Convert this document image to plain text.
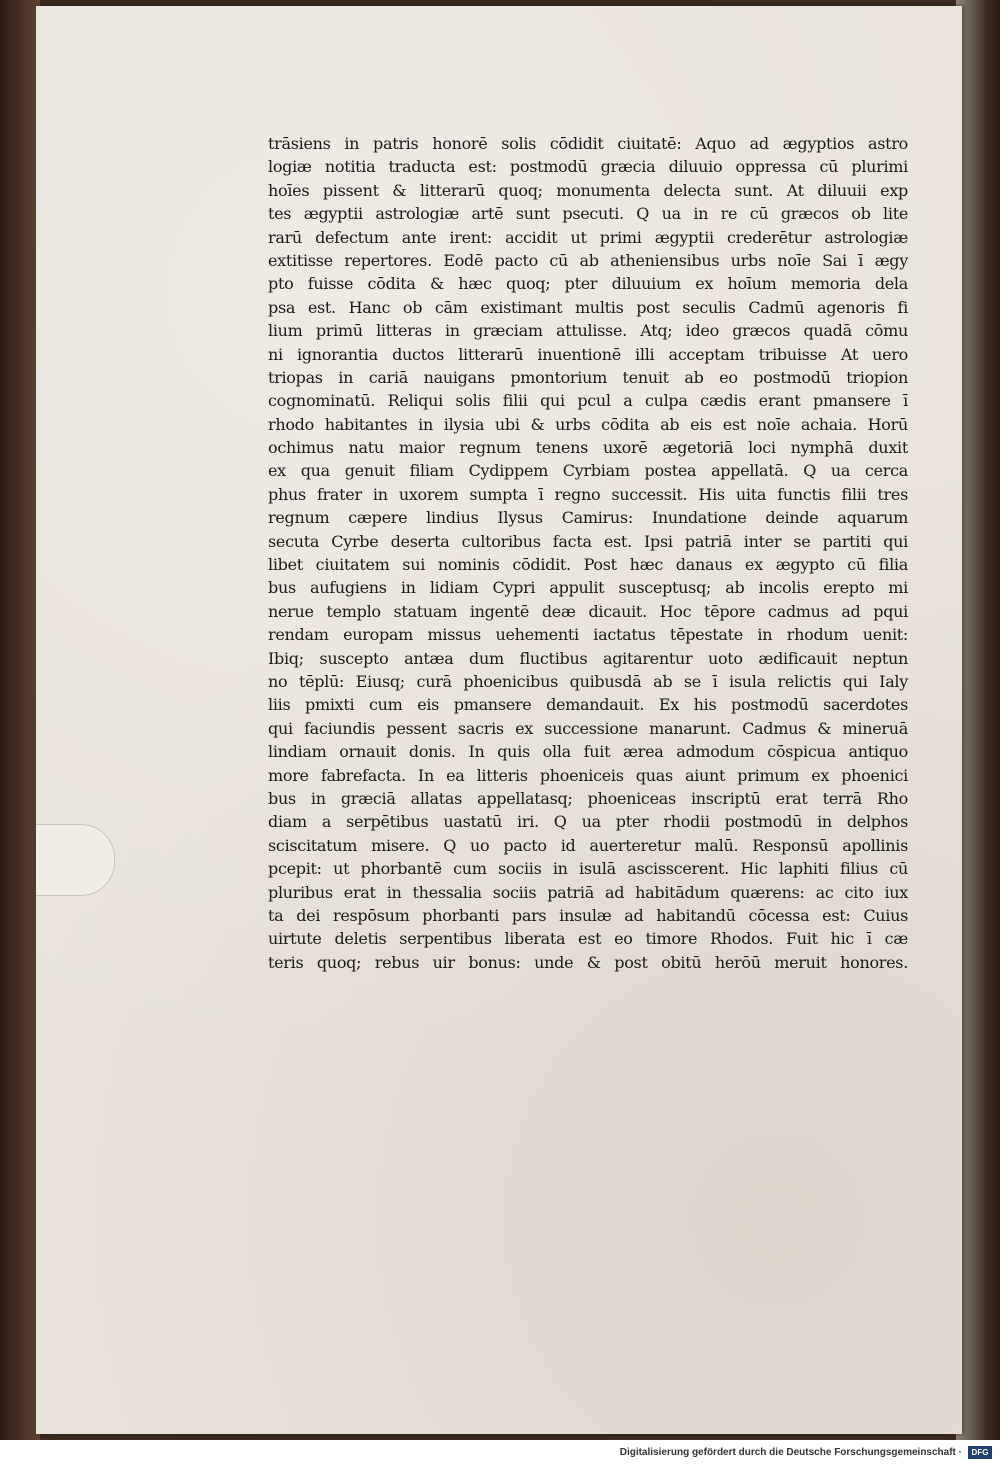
trāsiens in patris honorē solis cōdidit ciuitatē: Aquo ad ægyptios astro
logiæ notitia traducta est: postmodū græcia diluuio oppressa cū plurimi
hoīes pissent & litterarū quoq; monumenta delecta sunt. At diluuii exp
tes ægyptii astrologiæ artē sunt psecuti. Q ua in re cū græcos ob lite
rarū defectum ante irent: accidit ut primi ægyptii crederētur astrologiæ
extitisse repertores. Eodē pacto cū ab atheniensibus urbs noīe Sai ī ægy
pto fuisse cōdita & hæc quoq; pter diluuium ex hoīum memoria dela
psa est. Hanc ob cām existimant multis post seculis Cadmū agenoris fi
lium primū litteras in græciam attulisse. Atq; ideo græcos quadā cōmu
ni ignorantia ductos litterarū inuentionē illi acceptam tribuisse At uero
triopas in cariā nauigans pmontorium tenuit ab eo postmodū triopion
cognominatū. Reliqui solis filii qui pcul a culpa cædis erant pmansere ī
rhodo habitantes in ilysia ubi & urbs cōdita ab eis est noīe achaia. Horū
ochimus natu maior regnum tenens uxorē ægetoriā loci nymphā duxit
ex qua genuit filiam Cydippem Cyrbiam postea appellatā. Q ua cerca
phus frater in uxorem sumpta ī regno successit. His uita functis filii tres
regnum cæpere lindius Ilysus Camirus: Inundatione deinde aquarum
secuta Cyrbe deserta cultoribus facta est. Ipsi patriā inter se partiti qui
libet ciuitatem sui nominis cōdidit. Post hæc danaus ex ægypto cū filia
bus aufugiens in lidiam Cypri appulit susceptusq; ab incolis erepto mi
nerue templo statuam ingentē deæ dicauit. Hoc tēpore cadmus ad pqui
rendam europam missus uehementi iactatus tēpestate in rhodum uenit:
Ibiq; suscepto antæa dum fluctibus agitarentur uoto ædificauit neptun
no tēplū: Eiusq; curā phoenicibus quibusdā ab se ī isula relictis qui Ialy
liis pmixti cum eis pmansere demandauit. Ex his postmodū sacerdotes
qui faciundis pessent sacris ex successione manarunt. Cadmus & mineruā
lindiam ornauit donis. In quis olla fuit ærea admodum cōspicua antiquo
more fabrefacta. In ea litteris phoeniceis quas aiunt primum ex phoenici
bus in græciā allatas appellatasq; phoeniceas inscriptū erat terrā Rho
diam a serpētibus uastatū iri. Q ua pter rhodii postmodū in delphos
sciscitatum misere. Q uo pacto id auerteretur malū. Responsū apollinis
pcepit: ut phorbantē cum sociis in isulā ascisscerent. Hic laphiti filius cū
pluribus erat in thessalia sociis patriā ad habitādum quærens: ac cito iux
ta dei respōsum phorbanti pars insulæ ad habitandū cōcessa est: Cuius
uirtute deletis serpentibus liberata est eo timore Rhodos. Fuit hic ī cæ
teris quoq; rebus uir bonus: unde & post obitū herōū meruit honores.
Digitalisierung gefördert durch die Deutsche Forschungsgemeinschaft ·	DFG
